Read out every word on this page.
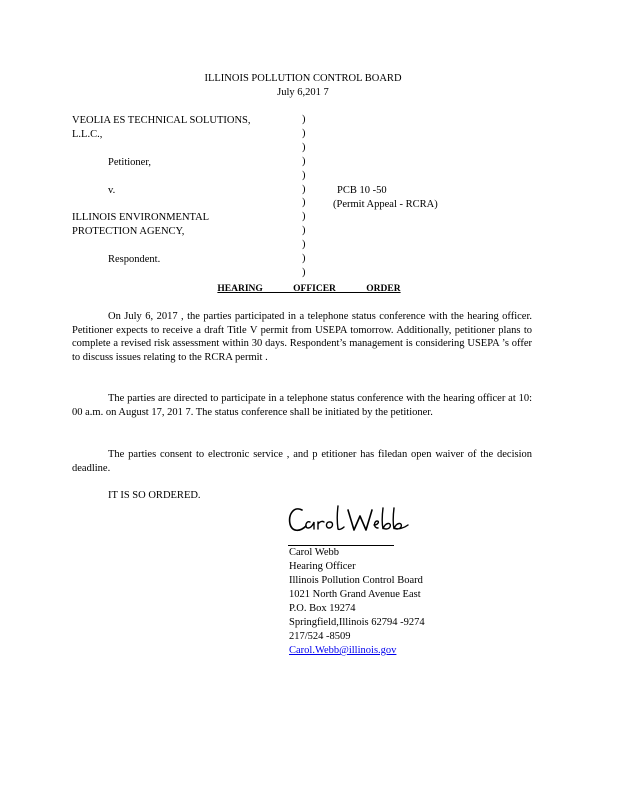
ILLINOIS POLLUTION CONTROL BOARD
July 6,201 7
VEOLIA ES TECHNICAL SOLUTIONS,
L.L.C.,
Petitioner,
v.
ILLINOIS ENVIRONMENTAL
PROTECTION AGENCY,
Respondent.
)
)
)
)
)
)
)
)
)
)
)
)
PCB 10 -50
(Permit Appeal - RCRA)
HEARING OFFICER ORDER

On July 6, 2017 , the parties participated in a telephone status conference with the hearing officer. Petitioner expects to receive a draft Title V permit from USEPA tomorrow. Additionally, petitioner plans to complete a revised risk assessment within 30 days. Respondent’s management is considering USEPA ’s offer to discuss issues relating to the RCRA permit .

The parties are directed to participate in a telephone status conference with the hearing officer at 10: 00 a.m. on August 17, 201 7. The status conference shall be initiated by the petitioner.

The parties consent to electronic service , and p etitioner has filedan open waiver of the decision deadline.

IT IS SO ORDERED.
Carol Webb
Hearing Officer
Illinois Pollution Control Board
1021 North Grand Avenue East
P.O. Box 19274
Springfield,Illinois 62794 -9274
217/524 -8509
Carol.Webb@illinois.gov
